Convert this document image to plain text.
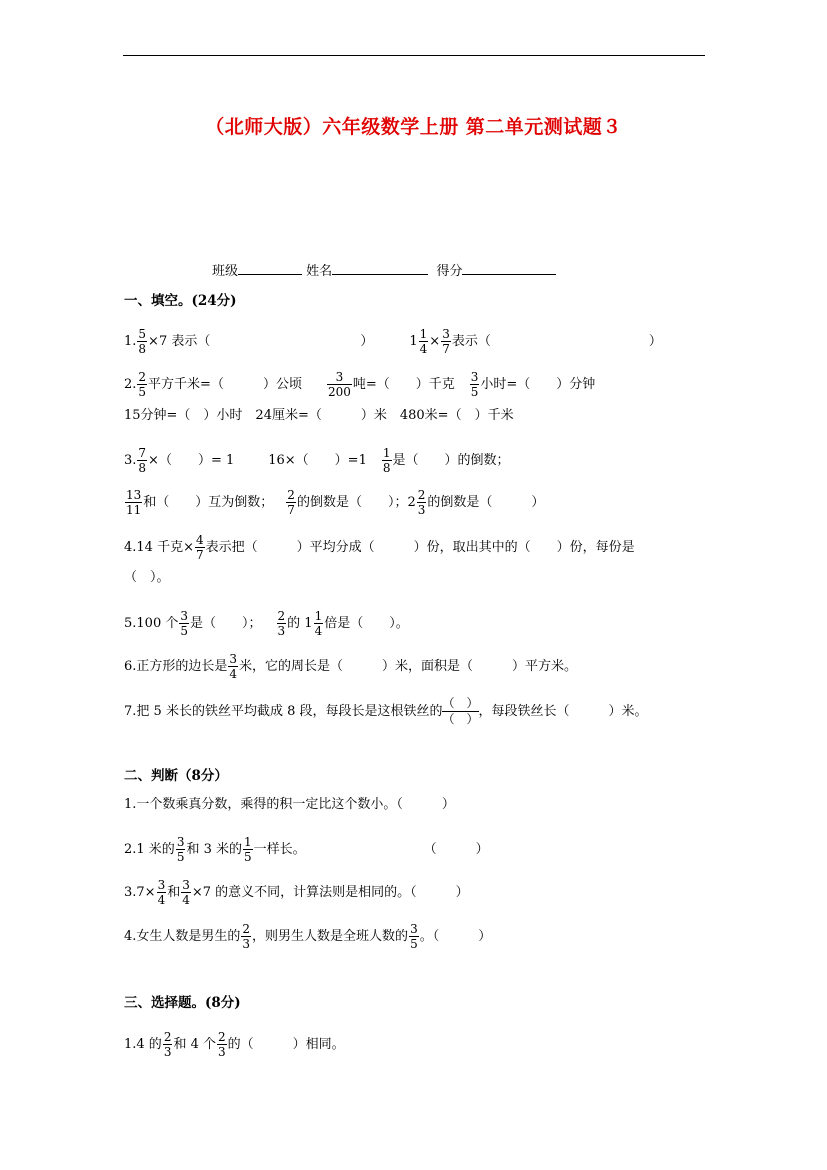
（北师大版）六年级数学上册 第二单元测试题３
班级	姓名	得分
一、填空。(24分)
1. $\frac{5}{8} \times 7$ 表示（	）	$1 \frac{1}{4} \times \frac{3}{7}$ 表示（	）
2. $\frac{2}{5}$ 平方千米=（　　　）公顷 $\frac{3}{200}$ 吨=（　　）千克 $\frac{3}{5}$ 小时=（　　）分钟
15分钟=（　）小时　24厘米=（　　　）米　480米=（　）千米
3. $\frac{7}{8}$ ×（　　）= 1	16×（　　）$=1 \frac{1}{8}$ 是（　　）的倒数；
$\frac{13}{11}$ 和（　　）互为倒数； $\frac{2}{7}$ 的倒数是（　　）；$2 \frac{2}{3}$ 的倒数是（　　　）
4.14 千克× $\frac{4}{7}$ 表示把（　　　）平均分成（　　　）份，取出其中的（　　）份，每份是
（　）。
5.100 个 $\frac{3}{5}$ 是（　　）； $\frac{2}{3}$ 的 $1 \frac{1}{4}$ 倍是（　　）。
6.正方形的边长是 $\frac{3}{4}$ 米，它的周长是（　　　）米，面积是（　　　）平方米。
7.把 5 米长的铁丝平均截成 8 段，每段长是这根铁丝的
（　）
（　） ，每段铁丝长（　　　）米。
二、判断（8分）
1.一个数乘真分数，乘得的积一定比这个数小。（　　　）
2.1 米的 $\frac{3}{5}$ 和 3 米的 $\frac{1}{5}$ 一样长。	（　　　）
$3.7\times \frac{3}{4}$ 和 $\frac{3}{4} \times 7$ 的意义不同，计算法则是相同的。（　　　）
4.女生人数是男生的 $\frac{2}{3}$ ，则男生人数是全班人数的 $\frac{3}{5}$ 。（　　　）
三、选择题。(8分)
1.4 的 $\frac{2}{3}$ 和 4 个 $\frac{2}{3}$ 的（　　　）相同。
